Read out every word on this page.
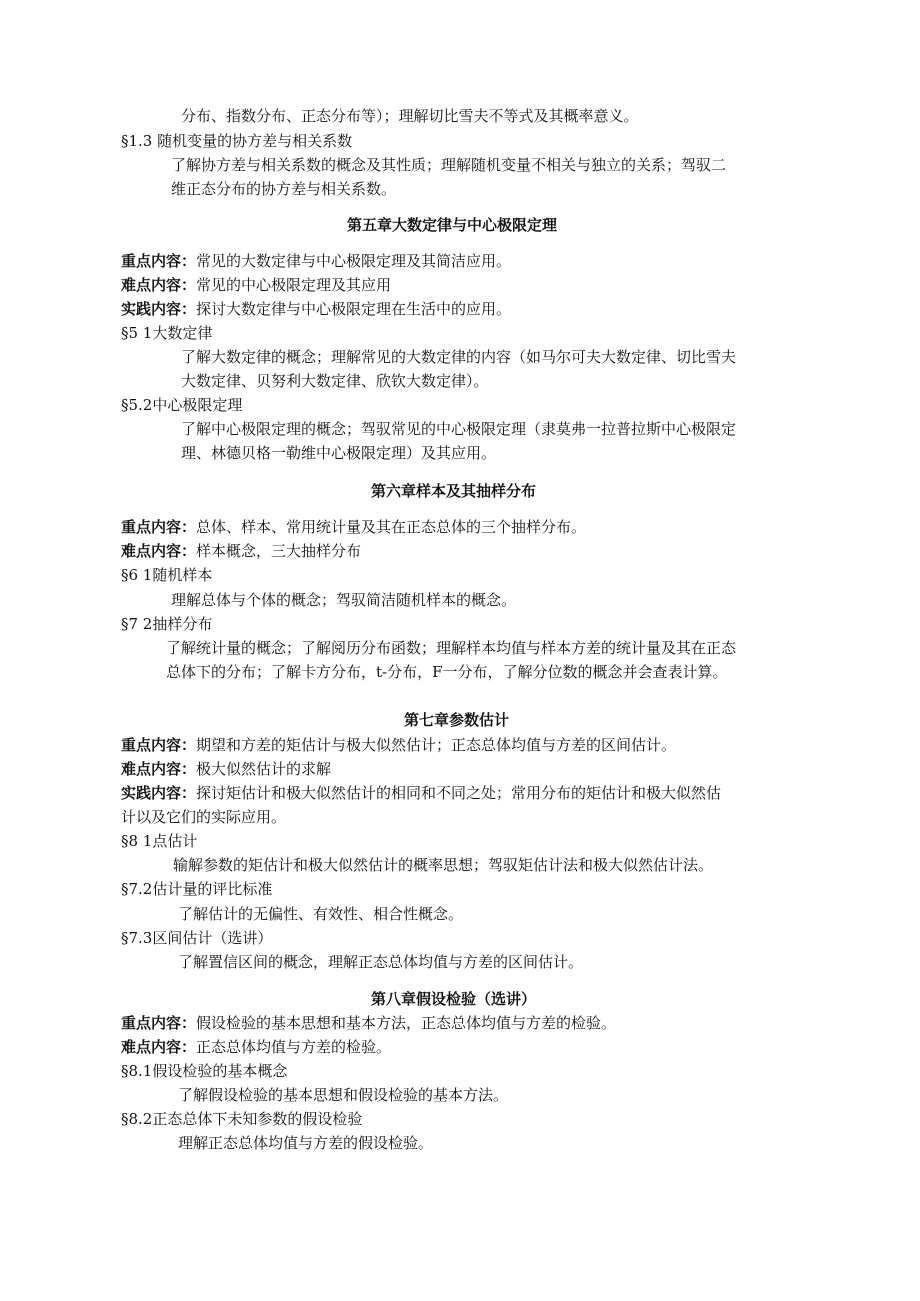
分布、指数分布、正态分布等）；理解切比雪夫不等式及其概率意义。
§1.3 随机变量的协方差与相关系数
了解协方差与相关系数的概念及其性质；理解随机变量不相关与独立的关系；驾驭二
维正态分布的协方差与相关系数。
第五章大数定律与中心极限定理
重点内容：常见的大数定律与中心极限定理及其简洁应用。
难点内容：常见的中心极限定理及其应用
实践内容：探讨大数定律与中心极限定理在生活中的应用。
§5 1大数定律
了解大数定律的概念；理解常见的大数定律的内容（如马尔可夫大数定律、切比雪夫
大数定律、贝努利大数定律、欣钦大数定律）。
§5.2中心极限定理
了解中心极限定理的概念；驾驭常见的中心极限定理（隶莫弗一拉普拉斯中心极限定
理、林德贝格一勒维中心极限定理）及其应用。
第六章样本及其抽样分布
重点内容：总体、样本、常用统计量及其在正态总体的三个抽样分布。
难点内容：样本概念，三大抽样分布
§6 1随机样本
理解总体与个体的概念；驾驭简洁随机样本的概念。
§7 2抽样分布
了解统计量的概念；了解阅历分布函数；理解样本均值与样本方差的统计量及其在正态
总体下的分布；了解卡方分布，t-分布，F一分布，了解分位数的概念并会查表计算。
第七章参数估计
重点内容：期望和方差的矩估计与极大似然估计；正态总体均值与方差的区间估计。
难点内容：极大似然估计的求解
实践内容：探讨矩估计和极大似然估计的相同和不同之处；常用分布的矩估计和极大似然估
计以及它们的实际应用。
§8 1点估计
输解参数的矩估计和极大似然估计的概率思想；驾驭矩估计法和极大似然估计法。
§7.2估计量的评比标准
了解估计的无偏性、有效性、相合性概念。
§7.3区间估计（选讲）
了解置信区间的概念，理解正态总体均值与方差的区间估计。
第八章假设检验（选讲）
重点内容：假设检验的基本思想和基本方法，正态总体均值与方差的检验。
难点内容：正态总体均值与方差的检验。
§8.1假设检验的基本概念
了解假设检验的基本思想和假设检验的基本方法。
§8.2正态总体下未知参数的假设检验
理解正态总体均值与方差的假设检验。
